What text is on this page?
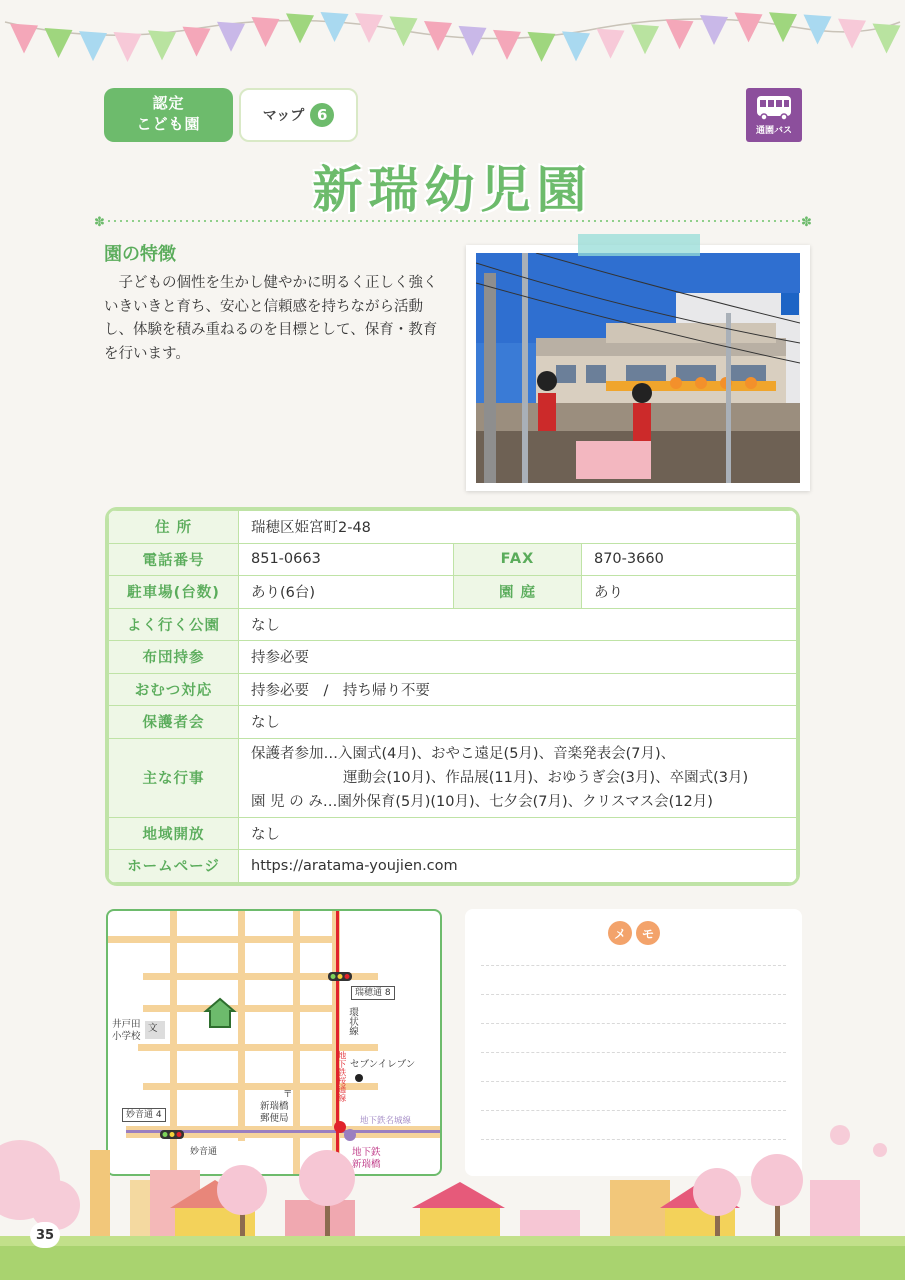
認定
こども園	マップ 6
通園バス
新瑞幼児園
✽	✽
園の特徴
子どもの個性を生かし健やかに明るく正しく強くいきいきと育ち、安心と信頼感を持ちながら活動し、体験を積み重ねるのを目標として、保育・教育を行います。
住 所	瑞穂区姫宮町2-48		
電話番号	851-0663	FAX	870-3660
駐車場(台数)	あり(6台)	園 庭	あり
よく行く公園	なし		
布団持参	持参必要		
おむつ対応	持参必要　/　持ち帰り不要		
保護者会	なし		
主な行事	保護者参加…入園式(4月)、おやこ遠足(5月)、音楽発表会(7月)、
運動会(10月)、作品展(11月)、おゆうぎ会(3月)、卒園式(3月)
園 児 の み…園外保育(5月)(10月)、七夕会(7月)、クリスマス会(12月)		

地域開放	なし		
ホームページ	https://aratama-youjien.com		
文
井戸田
小学校
瑞穂通 8
環状線
セブンイレブン
地下鉄桜通線
地下鉄名城線
〒
新瑞橋
郵便局
妙音通 4
妙音通	地下鉄
新瑞橋
メ	モ
35
